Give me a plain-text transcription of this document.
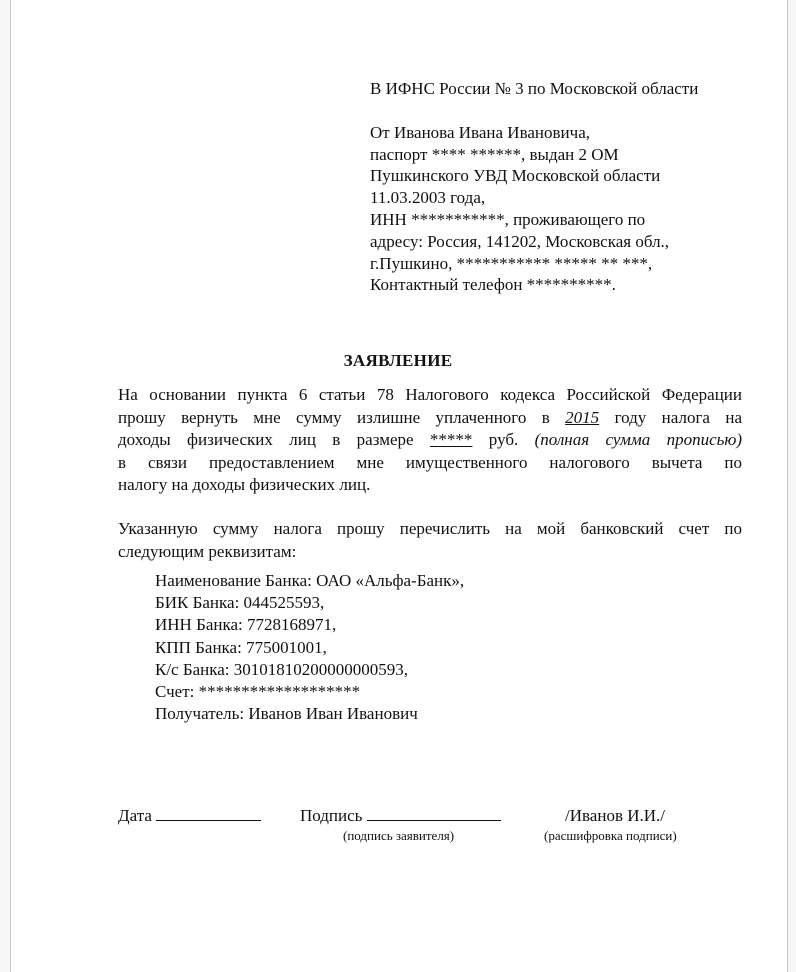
В ИФНС России № 3 по Московской области
От Иванова Ивана Ивановича,
паспорт **** ******, выдан 2 ОМ
Пушкинского УВД Московской области
11.03.2003 года,
ИНН ***********, проживающего по
адресу: Россия, 141202, Московская обл.,
г.Пушкино, *********** ***** ** ***,
Контактный телефон **********.
ЗАЯВЛЕНИЕ
На основании пункта 6 статьи 78 Налогового кодекса Российской Федерации
прошу вернуть мне сумму излишне уплаченного в 2015 году налога на
доходы физических лиц в размере ***** руб. (полная сумма прописью)
в связи предоставлением мне имущественного налогового вычета по
налогу на доходы физических лиц.
Указанную сумму налога прошу перечислить на мой банковский счет по
следующим реквизитам:
Наименование Банка: ОАО «Альфа-Банк»,
БИК Банка: 044525593,
ИНН Банка: 7728168971,
КПП Банка: 775001001,
К/с Банка: 30101810200000000593,
Счет: *******************
Получатель: Иванов Иван Иванович
Дата	Подпись	/Иванов И.И./
(подпись заявителя)	(расшифровка подписи)
